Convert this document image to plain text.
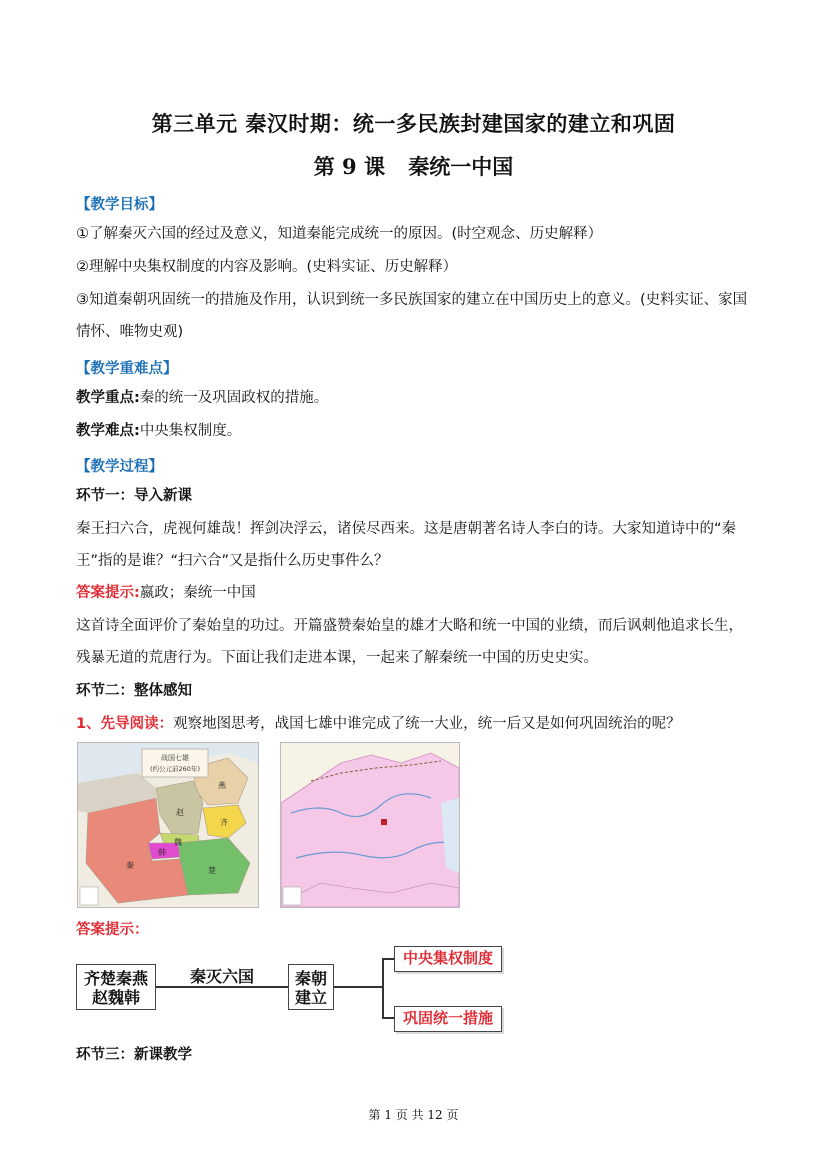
第三单元 秦汉时期：统一多民族封建国家的建立和巩固
第 9 课 秦统一中国
【教学目标】
①了解秦灭六国的经过及意义，知道秦能完成统一的原因。(时空观念、历史解释）
②理解中央集权制度的内容及影响。(史料实证、历史解释）
③知道秦朝巩固统一的措施及作用，认识到统一多民族国家的建立在中国历史上的意义。(史料实证、家国
情怀、唯物史观)
【教学重难点】
教学重点:秦的统一及巩固政权的措施。
教学难点:中央集权制度。
【教学过程】
环节一：导入新课
秦王扫六合，虎视何雄哉！挥剑决浮云，诸侯尽西来。这是唐朝著名诗人李白的诗。大家知道诗中的“秦
王”指的是谁？“扫六合”又是指什么历史事件么？
答案提示:嬴政；秦统一中国
这首诗全面评价了秦始皇的功过。开篇盛赞秦始皇的雄才大略和统一中国的业绩，而后讽刺他追求长生，
残暴无道的荒唐行为。下面让我们走进本课，一起来了解秦统一中国的历史史实。
环节二：整体感知
1、先导阅读：观察地图思考，战国七雄中谁完成了统一大业，统一后又是如何巩固统治的呢？
战国七雄
(约公元前260年)
燕
赵
齐
魏
韩
楚
秦
答案提示：
齐楚秦燕
赵魏韩
秦灭六国	秦朝
建立
中央集权制度
巩固统一措施
环节三：新课教学
第 1 页 共 12 页
